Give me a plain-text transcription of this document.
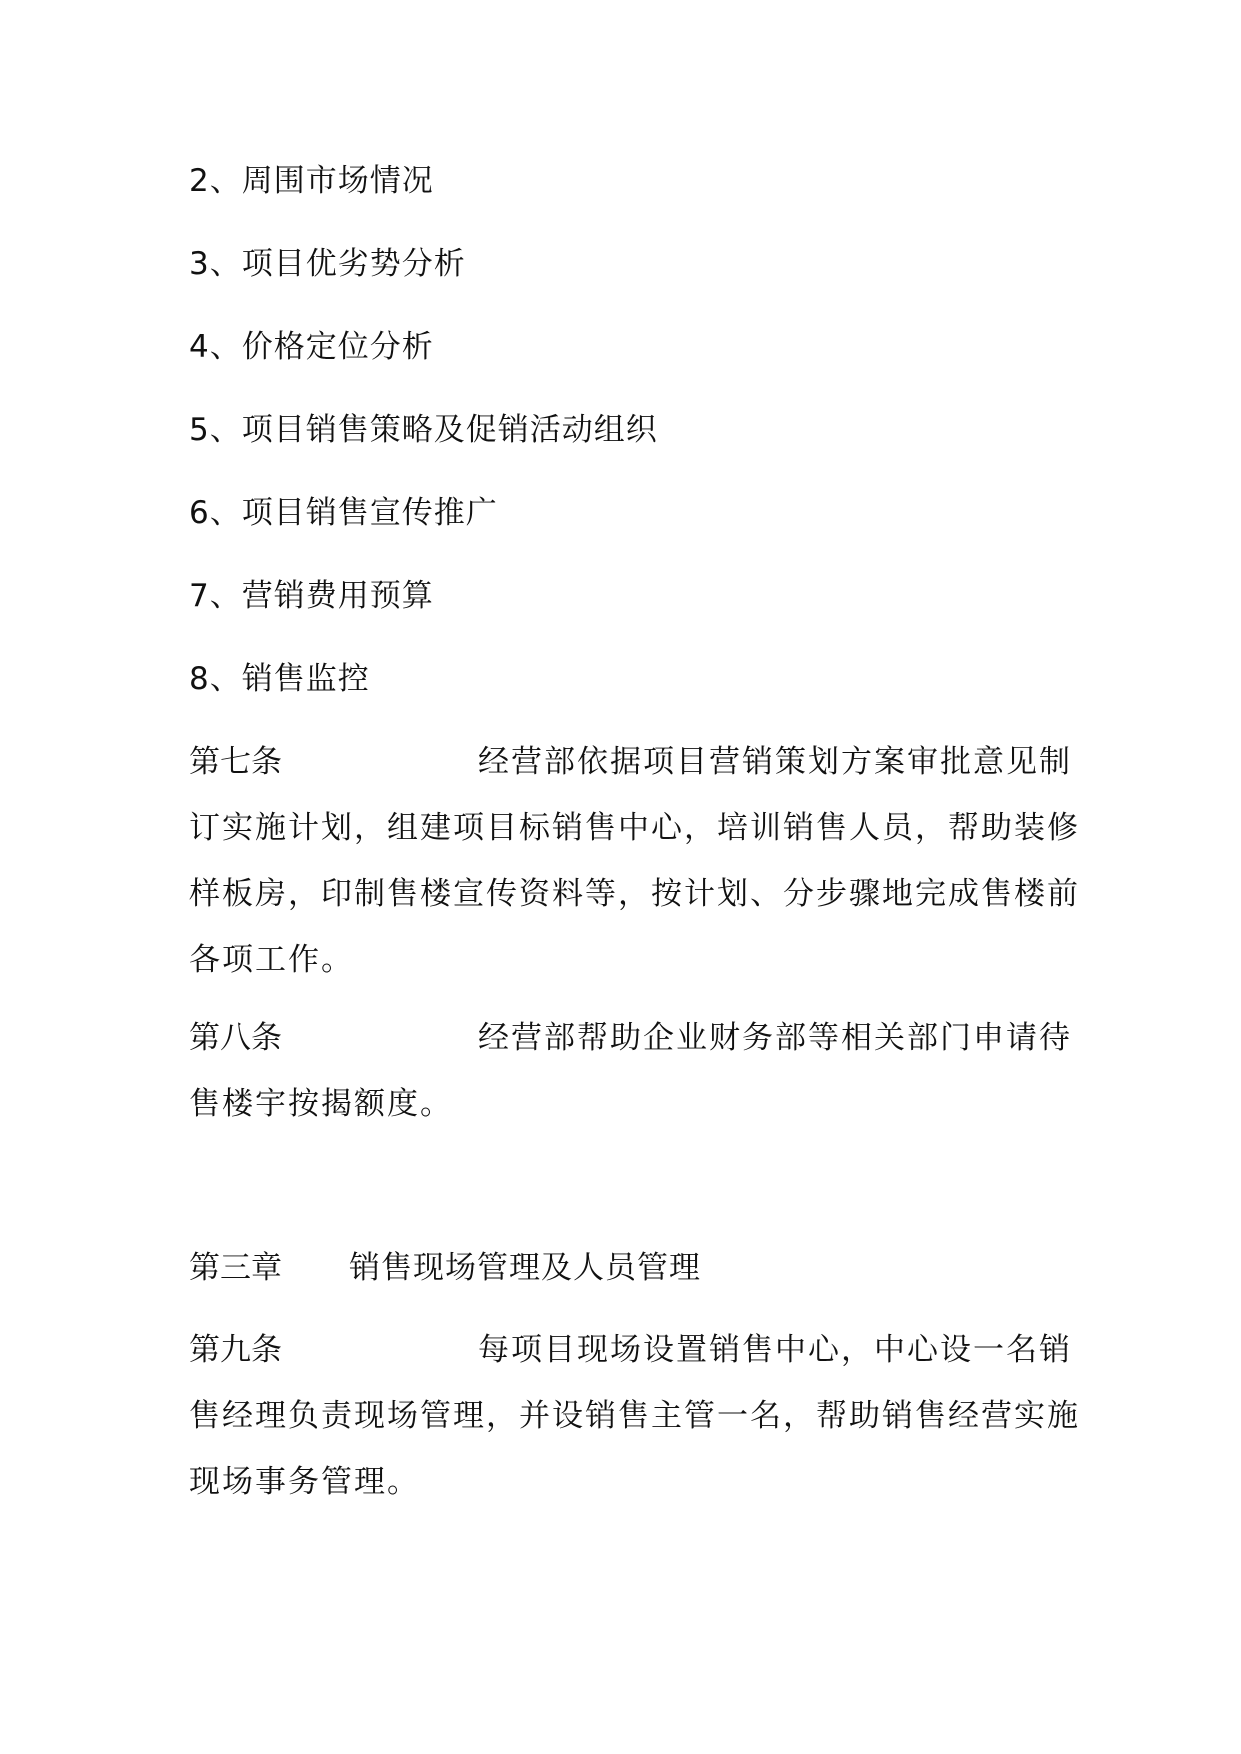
2、周围市场情况
3、项目优劣势分析
4、价格定位分析
5、项目销售策略及促销活动组织
6、项目销售宣传推广
7、营销费用预算
8、销售监控
第七条	经营部依据项目营销策划方案审批意见制
订实施计划，组建项目标销售中心，培训销售人员，帮助装修
样板房，印制售楼宣传资料等，按计划、分步骤地完成售楼前
各项工作。
第八条	经营部帮助企业财务部等相关部门申请待
售楼宇按揭额度。
第三章 销售现场管理及人员管理
第九条	每项目现场设置销售中心，中心设一名销
售经理负责现场管理，并设销售主管一名，帮助销售经营实施
现场事务管理。
